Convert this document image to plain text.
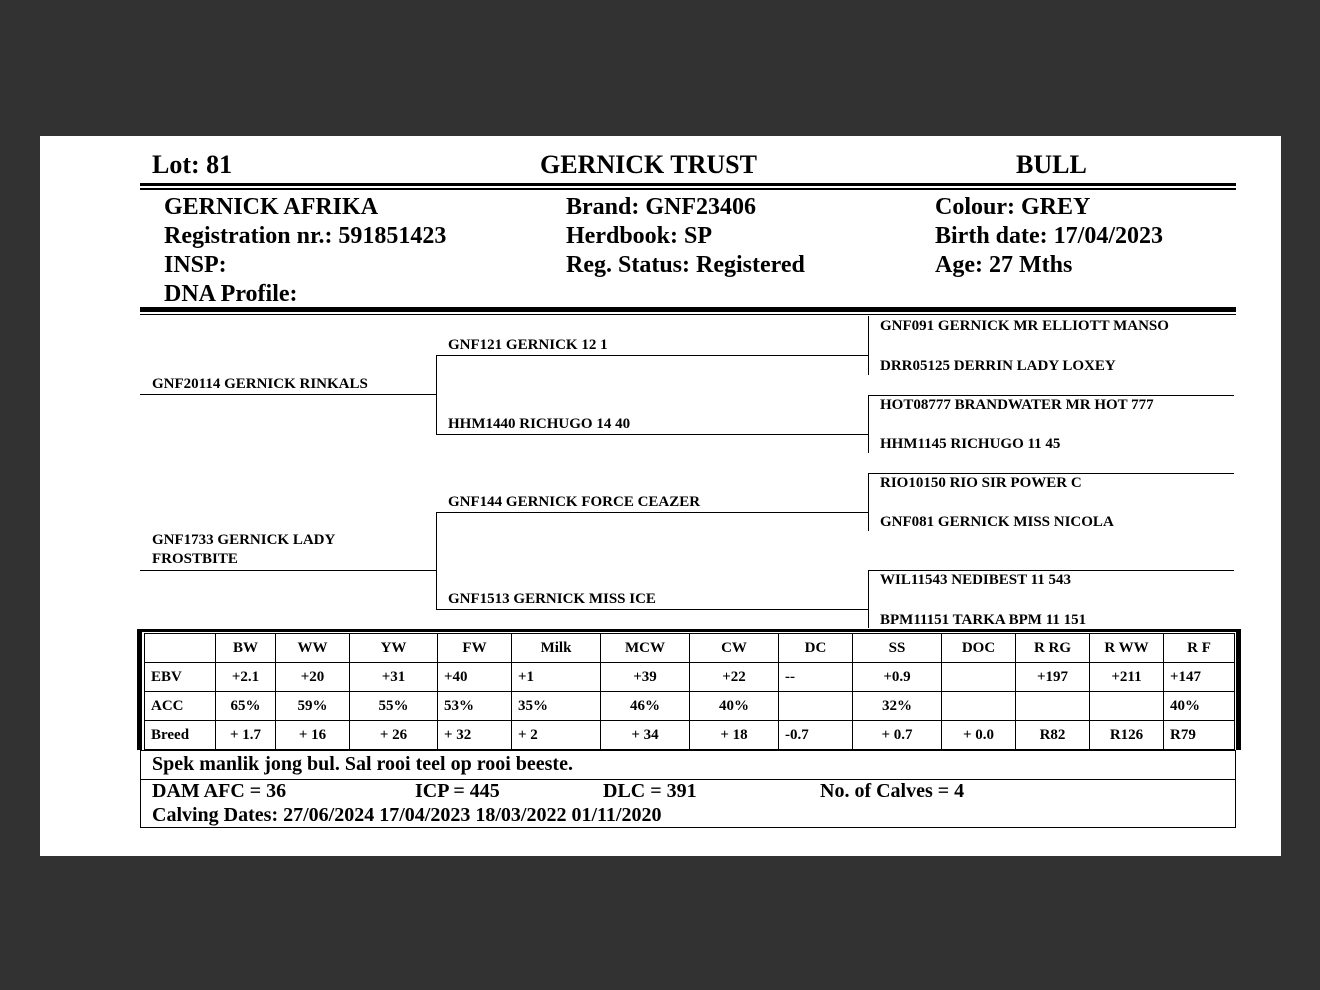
Lot: 81	GERNICK TRUST	BULL
GERNICK AFRIKA
Registration nr.: 591851423
INSP:
DNA Profile:
Brand: GNF23406
Herdbook: SP
Reg. Status: Registered
Colour: GREY
Birth date: 17/04/2023
Age: 27 Mths
GNF20114 GERNICK RINKALS
GNF1733 GERNICK LADY
FROSTBITE
GNF121 GERNICK 12 1
HHM1440 RICHUGO 14 40
GNF144 GERNICK FORCE CEAZER
GNF1513 GERNICK MISS ICE
GNF091 GERNICK MR ELLIOTT MANSO
DRR05125 DERRIN LADY LOXEY
HOT08777 BRANDWATER MR HOT 777
HHM1145 RICHUGO 11 45
RIO10150 RIO SIR POWER C
GNF081 GERNICK MISS NICOLA
WIL11543 NEDIBEST 11 543
BPM11151 TARKA BPM 11 151
	BW	WW	YW	FW	Milk	MCW	CW	DC	SS	DOC	R RG	R WW	R F
EBV	+2.1	+20	+31	+40	+1	+39	+22	--	+0.9		+197	+211	+147
ACC	65%	59%	55%	53%	35%	46%	40%		32%				40%
Breed	+ 1.7	+ 16	+ 26	+ 32	+ 2	+ 34	+ 18	-0.7	+ 0.7	+ 0.0	R82	R126	R79
Spek manlik jong bul. Sal rooi teel op rooi beeste.
DAM AFC = 36	ICP = 445	DLC = 391	No. of Calves = 4
Calving Dates: 27/06/2024 17/04/2023 18/03/2022 01/11/2020
